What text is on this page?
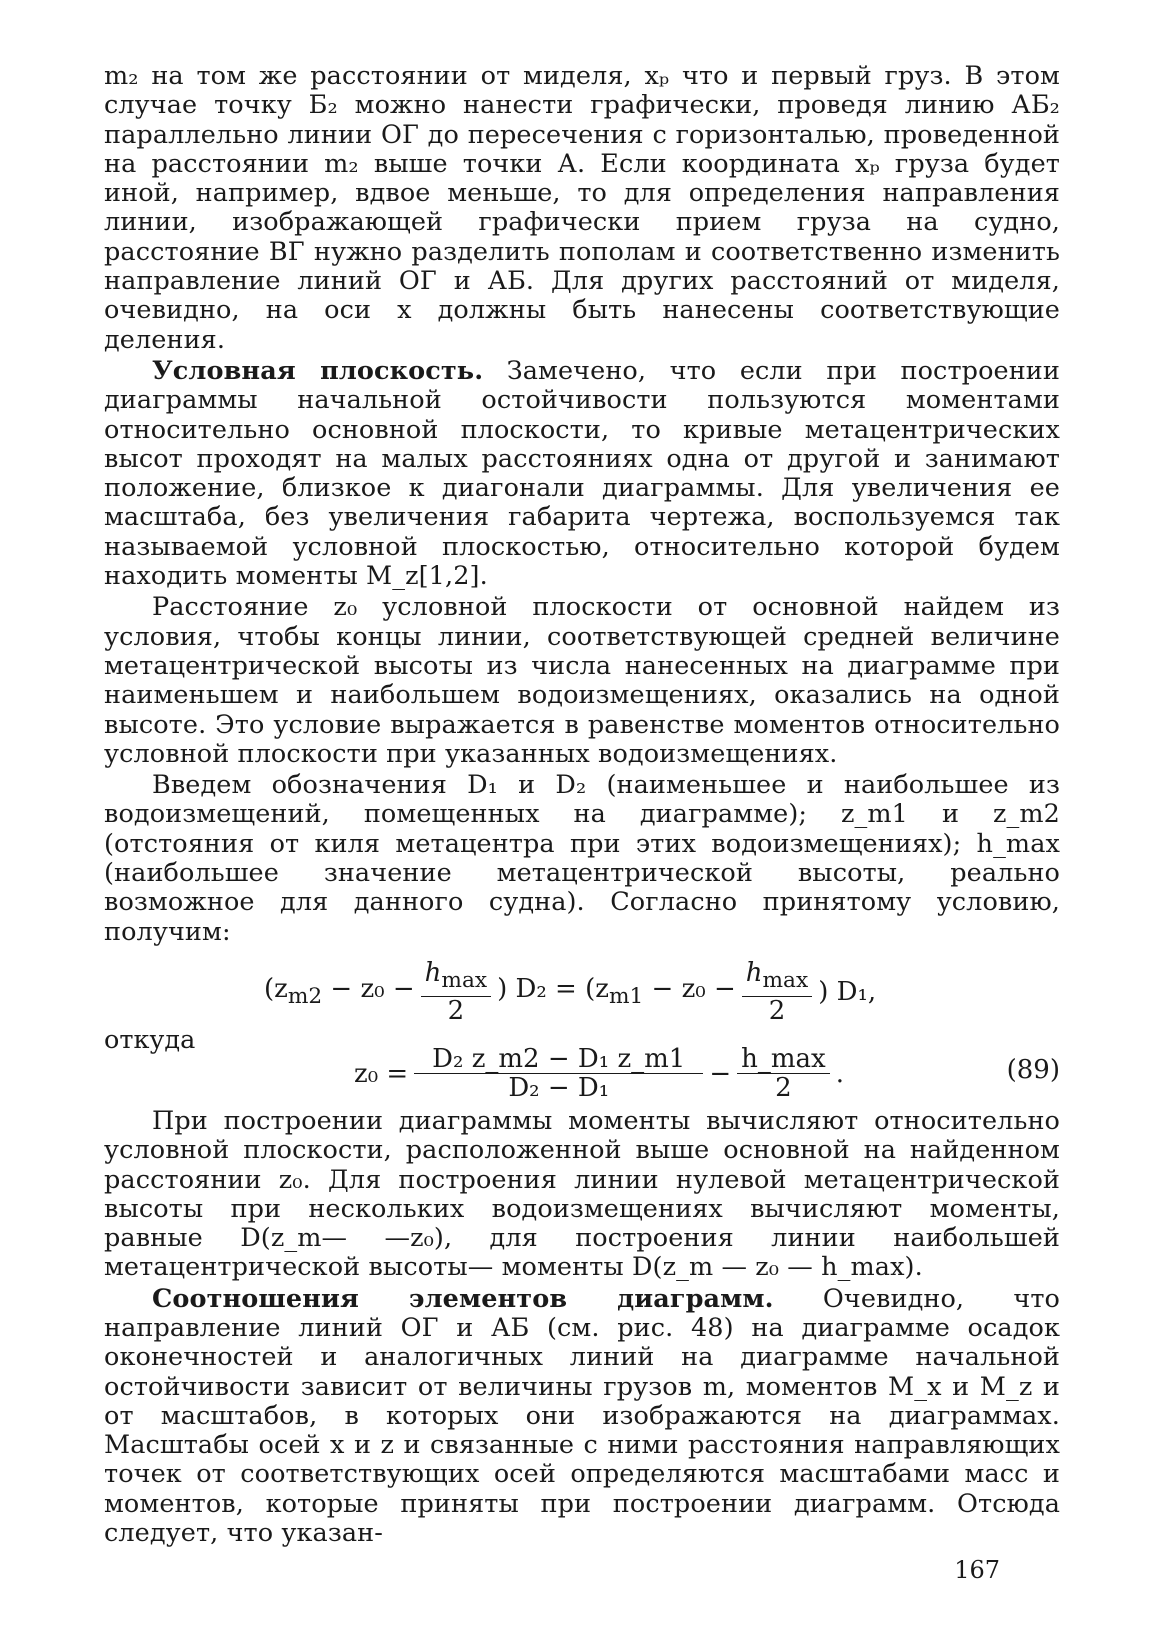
m₂ на том же расстоянии от миделя, xₚ что и первый груз. В этом случае точку Б₂ можно нанести графически, проведя линию АБ₂ параллельно линии ОГ до пересечения с горизонталью, проведенной на расстоянии m₂ выше точки А. Если координата xₚ груза будет иной, например, вдвое меньше, то для определения направления линии, изображающей графически прием груза на судно, расстояние ВГ нужно разделить пополам и соответственно изменить направление линий ОГ и АБ. Для других расстояний от миделя, очевидно, на оси x должны быть нанесены соответствующие деления.

Условная плоскость. Замечено, что если при построении диаграммы начальной остойчивости пользуются моментами относительно основной плоскости, то кривые метацентрических высот проходят на малых расстояниях одна от другой и занимают положение, близкое к диагонали диаграммы. Для увеличения ее масштаба, без увеличения габарита чертежа, воспользуемся так называемой условной плоскостью, относительно которой будем находить моменты M_z[1,2].

Расстояние z₀ условной плоскости от основной найдем из условия, чтобы концы линии, соответствующей средней величине метацентрической высоты из числа нанесенных на диаграмме при наименьшем и наибольшем водоизмещениях, оказались на одной высоте. Это условие выражается в равенстве моментов относительно условной плоскости при указанных водоизмещениях.

Введем обозначения D₁ и D₂ (наименьшее и наибольшее из водоизмещений, помещенных на диаграмме); z_m1 и z_m2 (отстояния от киля метацентра при этих водоизмещениях); h_max (наибольшее значение метацентрической высоты, реально возможное для данного судна). Согласно принятому условию, получим:

($z_{m2} - z_0 - \frac{h_{max}}{2}$ ) $D_2 = (z_{m1} - z_0 - \frac{h_{max}}{2}$ ) D₁,
откуда
$z_0 = \frac{\text{D₂ z\_m2 − D₁ z\_m1}}{\text{D₂ − D₁}} - \frac{h\_\max}{2}$ .	(89)

При построении диаграммы моменты вычисляют относительно условной плоскости, расположенной выше основной на найденном расстоянии z₀. Для построения линии нулевой метацентрической высоты при нескольких водоизмещениях вычисляют моменты, равные D(z_m— —z₀), для построения линии наибольшей метацентрической высоты— моменты D(z_m — z₀ — h_max).

Соотношения элементов диаграмм. Очевидно, что направление линий ОГ и АБ (см. рис. 48) на диаграмме осадок оконечностей и аналогичных линий на диаграмме начальной остойчивости зависит от величины грузов m, моментов M_x и M_z и от масштабов, в которых они изображаются на диаграммах. Масштабы осей x и z и связанные с ними расстояния направляющих точек от соответствующих осей определяются масштабами масс и моментов, которые приняты при построении диаграмм. Отсюда следует, что указан-

167
